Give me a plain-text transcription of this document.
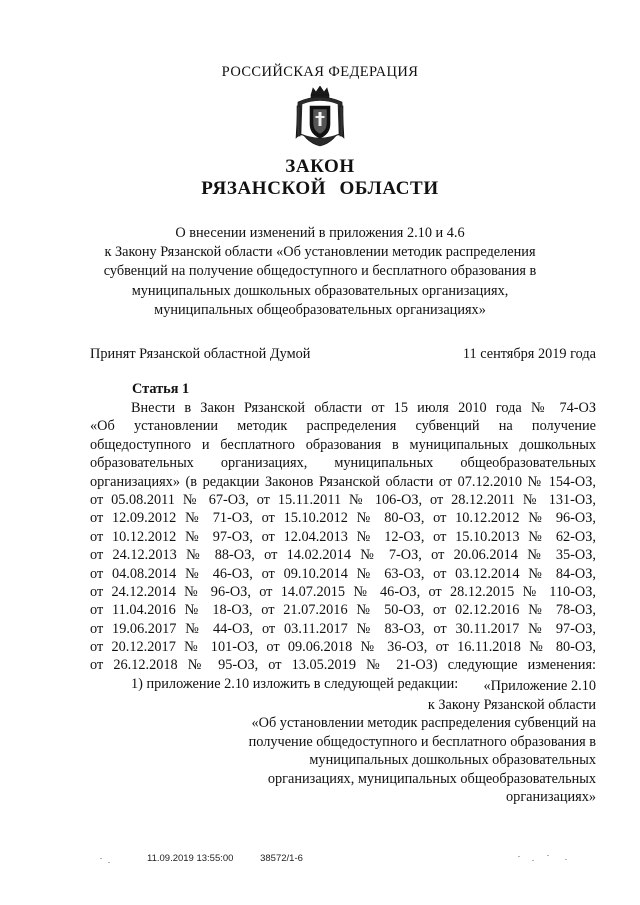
РОССИЙСКАЯ ФЕДЕРАЦИЯ
ЗАКОН
РЯЗАНСКОЙ ОБЛАСТИ
О внесении изменений в приложения 2.10 и 4.6
к Закону Рязанской области «Об установлении методик распределения
субвенций на получение общедоступного и бесплатного образования в
муниципальных дошкольных образовательных организациях,
муниципальных общеобразовательных организациях»
Принят Рязанской областной Думой	11 сентября 2019 года
Статья 1
Внести в Закон Рязанской области от 15 июля 2010 года № 74-ОЗ
«Об установлении методик распределения субвенций на получение
общедоступного и бесплатного образования в муниципальных дошкольных
образовательных организациях, муниципальных общеобразовательных
организациях» (в редакции Законов Рязанской области от 07.12.2010 № 154-ОЗ,
от 05.08.2011 № 67-ОЗ, от 15.11.2011 № 106-ОЗ, от 28.12.2011 № 131-ОЗ,
от 12.09.2012 № 71-ОЗ, от 15.10.2012 № 80-ОЗ, от 10.12.2012 № 96-ОЗ,
от 10.12.2012 № 97-ОЗ, от 12.04.2013 № 12-ОЗ, от 15.10.2013 № 62-ОЗ,
от 24.12.2013 № 88-ОЗ, от 14.02.2014 № 7-ОЗ, от 20.06.2014 № 35-ОЗ,
от 04.08.2014 № 46-ОЗ, от 09.10.2014 № 63-ОЗ, от 03.12.2014 № 84-ОЗ,
от 24.12.2014 № 96-ОЗ, от 14.07.2015 № 46-ОЗ, от 28.12.2015 № 110-ОЗ,
от 11.04.2016 № 18-ОЗ, от 21.07.2016 № 50-ОЗ, от 02.12.2016 № 78-ОЗ,
от 19.06.2017 № 44-ОЗ, от 03.11.2017 № 83-ОЗ, от 30.11.2017 № 97-ОЗ,
от 20.12.2017 № 101-ОЗ, от 09.06.2018 № 36-ОЗ, от 16.11.2018 № 80-ОЗ,
от 26.12.2018 № 95-ОЗ, от 13.05.2019 № 21-ОЗ) следующие изменения:
1) приложение 2.10 изложить в следующей редакции:	«Приложение 2.10
к Закону Рязанской области
«Об установлении методик распределения субвенций на
получение общедоступного и бесплатного образования в
муниципальных дошкольных образовательных
организациях, муниципальных общеобразовательных
организациях»
11.09.2019 13:55:00	38572/1-6
